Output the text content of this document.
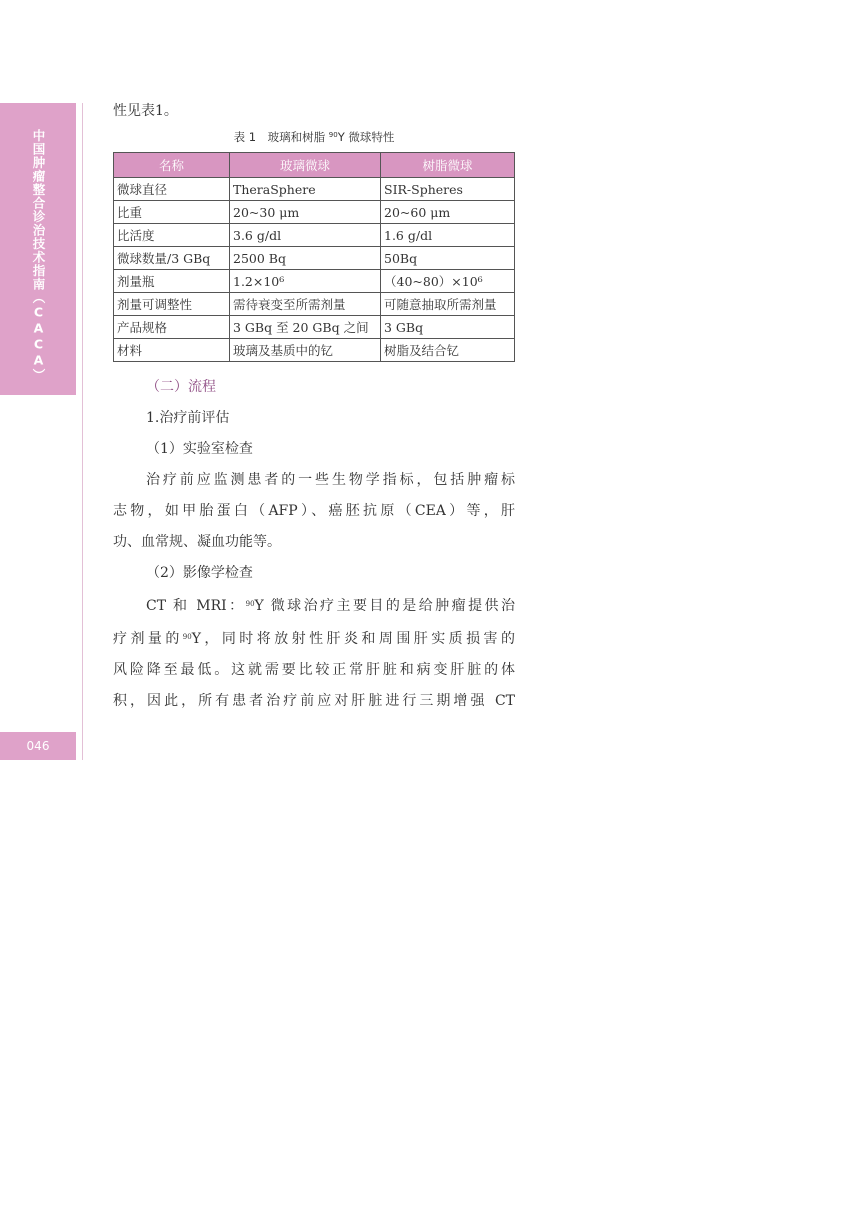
中国肿瘤整合诊治技术指南（CACA）
046
性见表1。
表 1　玻璃和树脂 $^{90}$Y 微球特性
名称	玻璃微球	树脂微球
微球直径	TheraSphere	SIR-Spheres
比重	20~30 μm	20~60 μm
比活度	3.6 g/dl	1.6 g/dl
微球数量/3 GBq	2500 Bq	50Bq
剂量瓶	1.2×10⁶	（40~80）×10⁶
剂量可调整性	需待衰变至所需剂量	可随意抽取所需剂量
产品规格	3 GBq 至 20 GBq 之间	3 GBq
材料	玻璃及基质中的钇	树脂及结合钇
（二）流程
1.治疗前评估
（1）实验室检查
治疗前应监测患者的一些生物学指标，包括肿瘤标
志物，如甲胎蛋白（AFP）、癌胚抗原（CEA）等，肝
功、血常规、凝血功能等。
（2）影像学检查
CT 和 MRI：$^{90}$Y 微球治疗主要目的是给肿瘤提供治
疗剂量的$^{90}$Y，同时将放射性肝炎和周围肝实质损害的
风险降至最低。这就需要比较正常肝脏和病变肝脏的体
积，因此，所有患者治疗前应对肝脏进行三期增强 CT
